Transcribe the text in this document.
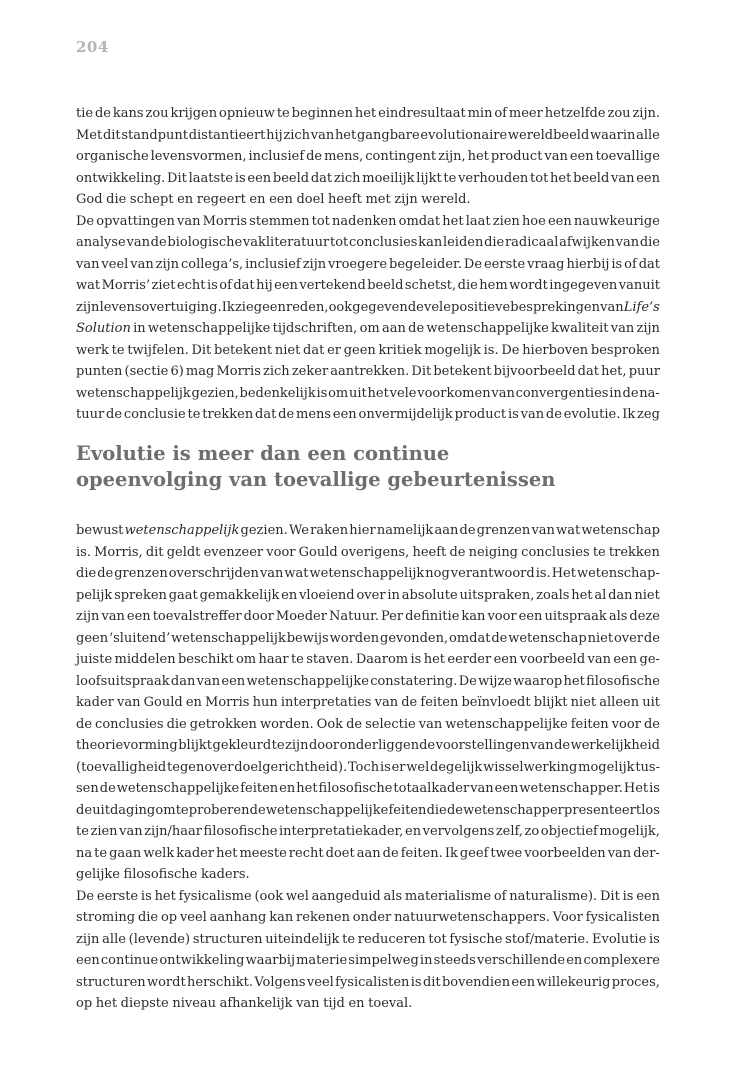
204
tie de kans zou krijgen opnieuw te beginnen het eindresultaat min of meer hetzelfde zou zijn.
Met dit standpunt distantieert hij zich van het gangbare evolutionaire wereldbeeld waarin alle
organische levensvormen, inclusief de mens, contingent zijn, het product van een toevallige
ontwikkeling. Dit laatste is een beeld dat zich moeilijk lijkt te verhouden tot het beeld van een
God die schept en regeert en een doel heeft met zijn wereld.
De opvattingen van Morris stemmen tot nadenken omdat het laat zien hoe een nauwkeurige
analyse van de biologische vakliteratuur tot conclusies kan leiden die radicaal afwijken van die
van veel van zijn collega’s, inclusief zijn vroegere begeleider. De eerste vraag hierbij is of dat
wat Morris’ ziet echt is of dat hij een vertekend beeld schetst, die hem wordt ingegeven vanuit
zijn levensovertuiging. Ik zie geen reden, ook gegeven de vele positieve besprekingen van Life’s
Solution in wetenschappelijke tijdschriften, om aan de wetenschappelijke kwaliteit van zijn
werk te twijfelen. Dit betekent niet dat er geen kritiek mogelijk is. De hierboven besproken
punten (sectie 6) mag Morris zich zeker aantrekken. Dit betekent bijvoorbeeld dat het, puur
wetenschappelijk gezien, bedenkelijk is om uit het vele voorkomen van convergenties in de na-
tuur de conclusie te trekken dat de mens een onvermijdelijk product is van de evolutie. Ik zeg
Evolutie is meer dan een continue
opeenvolging van toevallige gebeurtenissen
bewust wetenschappelijk gezien. We raken hier namelijk aan de grenzen van wat wetenschap
is. Morris, dit geldt evenzeer voor Gould overigens, heeft de neiging conclusies te trekken
die de grenzen overschrijden van wat wetenschappelijk nog verantwoord is. Het wetenschap-
pelijk spreken gaat gemakkelijk en vloeiend over in absolute uitspraken, zoals het al dan niet
zijn van een toevalstreffer door Moeder Natuur. Per definitie kan voor een uitspraak als deze
geen ‘sluitend’ wetenschappelijk bewijs worden gevonden, omdat de wetenschap niet over de
juiste middelen beschikt om haar te staven. Daarom is het eerder een voorbeeld van een ge-
loofsuitspraak dan van een wetenschappelijke constatering. De wijze waarop het filosofische
kader van Gould en Morris hun interpretaties van de feiten beïnvloedt blijkt niet alleen uit
de conclusies die getrokken worden. Ook de selectie van wetenschappelijke feiten voor de
theorievorming blijkt gekleurd te zijn door onderliggende voorstellingen van de werkelijkheid
(toevalligheid tegenover doelgerichtheid). Toch is er wel degelijk wisselwerking mogelijk tus-
sen de wetenschappelijke feiten en het filosofische totaalkader van een wetenschapper. Het is
de uitdaging om te proberen de wetenschappelijke feiten die de wetenschapper presenteert los
te zien van zijn/haar filosofische interpretatiekader, en vervolgens zelf, zo objectief mogelijk,
na te gaan welk kader het meeste recht doet aan de feiten. Ik geef twee voorbeelden van der-
gelijke filosofische kaders.
De eerste is het fysicalisme (ook wel aangeduid als materialisme of naturalisme). Dit is een
stroming die op veel aanhang kan rekenen onder natuurwetenschappers. Voor fysicalisten
zijn alle (levende) structuren uiteindelijk te reduceren tot fysische stof/materie. Evolutie is
een continue ontwikkeling waarbij materie simpelweg in steeds verschillende en complexere
structuren wordt herschikt. Volgens veel fysicalisten is dit bovendien een willekeurig proces,
op het diepste niveau afhankelijk van tijd en toeval.
